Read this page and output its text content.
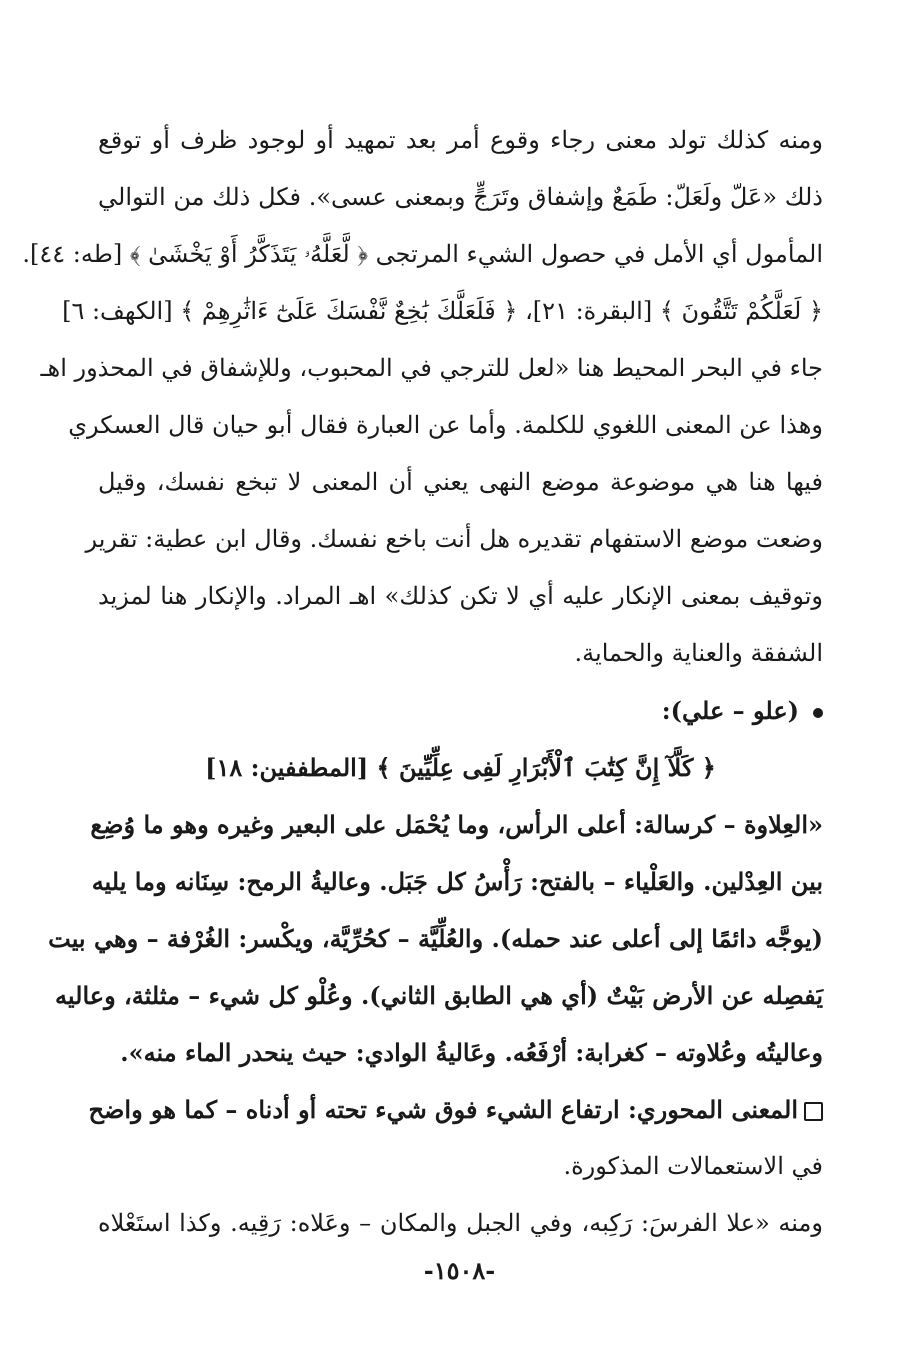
ومنه كذلك تولد معنى رجاء وقوع أمر بعد تمهيد أو لوجود ظرف أو توقع
ذلك «عَلّ ولَعَلّ: طَمَعٌ وإشفاق وتَرَجٍّ وبمعنى عسى». فكل ذلك من التوالي
المأمول أي الأمل في حصول الشيء المرتجى ﴿ لَّعَلَّهُۥ يَتَذَكَّرُ أَوْ يَخْشَىٰ ﴾ [طه: ٤٤].
﴿ لَعَلَّكُمْ تَتَّقُونَ ﴾ [البقرة: ٢١]، ﴿ فَلَعَلَّكَ بَٰخِعٌ نَّفْسَكَ عَلَىٰٓ ءَاثَٰرِهِمْ ﴾ [الكهف: ٦]
جاء في البحر المحيط هنا «لعل للترجي في المحبوب، وللإشفاق في المحذور اهـ
وهذا عن المعنى اللغوي للكلمة. وأما عن العبارة فقال أبو حيان قال العسكري
فيها هنا هي موضوعة موضع النهى يعني أن المعنى لا تبخع نفسك، وقيل
وضعت موضع الاستفهام تقديره هل أنت باخع نفسك. وقال ابن عطية: تقرير
وتوقيف بمعنى الإنكار عليه أي لا تكن كذلك» اهـ المراد. والإنكار هنا لمزيد
الشفقة والعناية والحماية.
(علو – علي):
﴿ كَلَّآ إِنَّ كِتَٰبَ ٱلْأَبْرَارِ لَفِى عِلِّيِّينَ ﴾ [المطففين: ١٨]
«العِلاوة – كرسالة: أعلى الرأس، وما يُحْمَل على البعير وغيره وهو ما وُضِع
بين العِدْلين. والعَلْياء – بالفتح: رَأْسُ كل جَبَل. وعاليةُ الرمح: سِنَانه وما يليه
(يوجَّه دائمًا إلى أعلى عند حمله). والعُلِّيَّة – كحُرِّيَّة، ويكْسر: الغُرْفة – وهي بيت
يَفصِله عن الأرض بَيْتٌ (أي هي الطابق الثاني). وعُلْو كل شيء – مثلثة، وعاليه
وعاليتُه وعُلاوته – كغرابة: أرْفَعُه. وعَاليةُ الوادي: حيث ينحدر الماء منه».
المعنى المحوري: ارتفاع الشيء فوق شيء تحته أو أدناه – كما هو واضح
في الاستعمالات المذكورة.
ومنه «علا الفرسَ: رَكِبه، وفي الجبل والمكان – وعَلاه: رَقِيه. وكذا استَعْلاه
-١٥٠٨-
